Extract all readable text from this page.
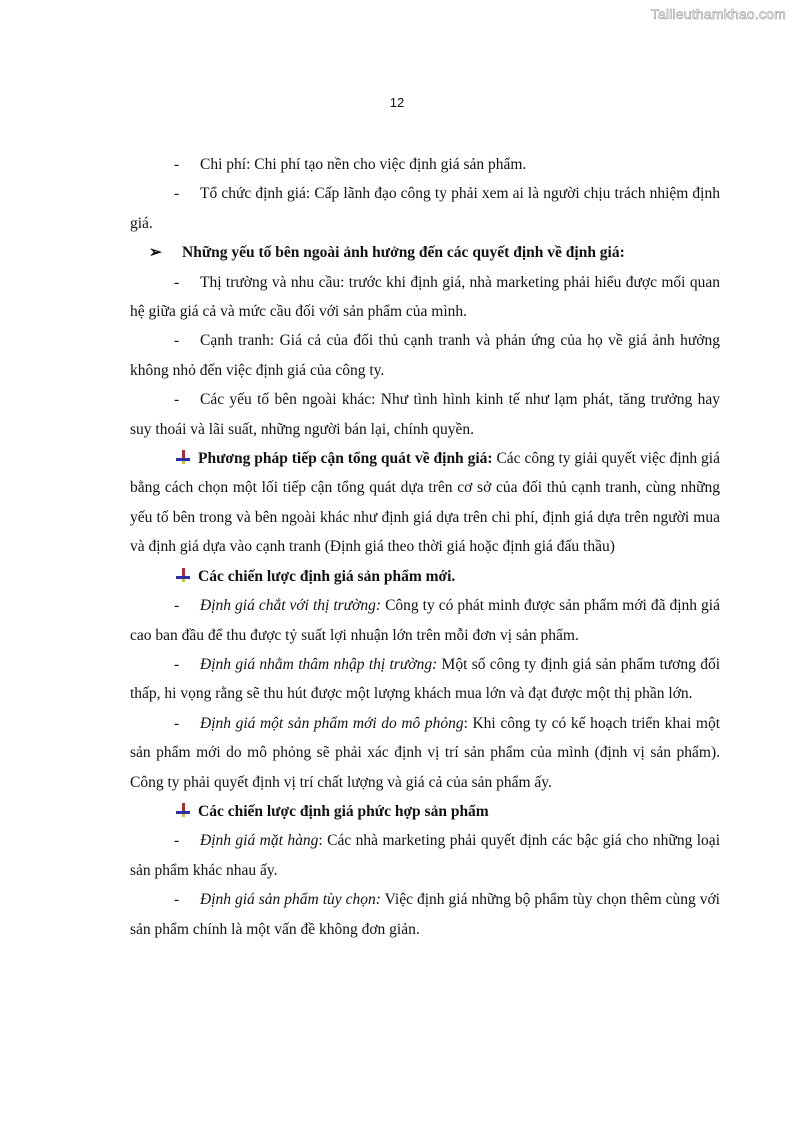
Tailieuthamkhao.com
12

- Chi phí: Chi phí tạo nền cho việc định giá sản phẩm.

- Tổ chức định giá: Cấp lãnh đạo công ty phải xem ai là người chịu trách nhiệm định giá.

➢ Những yếu tố bên ngoài ảnh hưởng đến các quyết định về định giá:

- Thị trường và nhu cầu: trước khi định giá, nhà marketing phải hiểu được mối quan hệ giữa giá cả và mức cầu đối với sản phẩm của mình.

- Cạnh tranh: Giá cả của đối thủ cạnh tranh và phản ứng của họ về giá ảnh hưởng không nhỏ đến việc định giá của công ty.

- Các yếu tố bên ngoài khác: Như tình hình kinh tế như lạm phát, tăng trưởng hay suy thoái và lãi suất, những người bán lại, chính quyền.

Phương pháp tiếp cận tổng quát về định giá: Các công ty giải quyết việc định giá bằng cách chọn một lối tiếp cận tổng quát dựa trên cơ sở của đối thủ cạnh tranh, cùng những yếu tố bên trong và bên ngoài khác như định giá dựa trên chi phí, định giá dựa trên người mua và định giá dựa vào cạnh tranh (Định giá theo thời giá hoặc định giá đấu thầu)

Các chiến lược định giá sản phẩm mới.

- Định giá chắt với thị trường: Công ty có phát minh được sản phẩm mới đã định giá cao ban đầu để thu được tỷ suất lợi nhuận lớn trên mỗi đơn vị sản phẩm.

- Định giá nhằm thâm nhập thị trường: Một số công ty định giá sản phẩm tương đối thấp, hi vọng rằng sẽ thu hút được một lượng khách mua lớn và đạt được một thị phần lớn.

- Định giá một sản phẩm mới do mô phỏng: Khi công ty có kế hoạch triển khai một sản phẩm mới do mô phỏng sẽ phải xác định vị trí sản phẩm của mình (định vị sản phẩm). Công ty phải quyết định vị trí chất lượng và giá cả của sản phẩm ấy.

Các chiến lược định giá phức hợp sản phẩm

- Định giá mặt hàng: Các nhà marketing phải quyết định các bậc giá cho những loại sản phẩm khác nhau ấy.

- Định giá sản phẩm tùy chọn: Việc định giá những bộ phẩm tùy chọn thêm cùng với sản phẩm chính là một vấn đề không đơn giản.
